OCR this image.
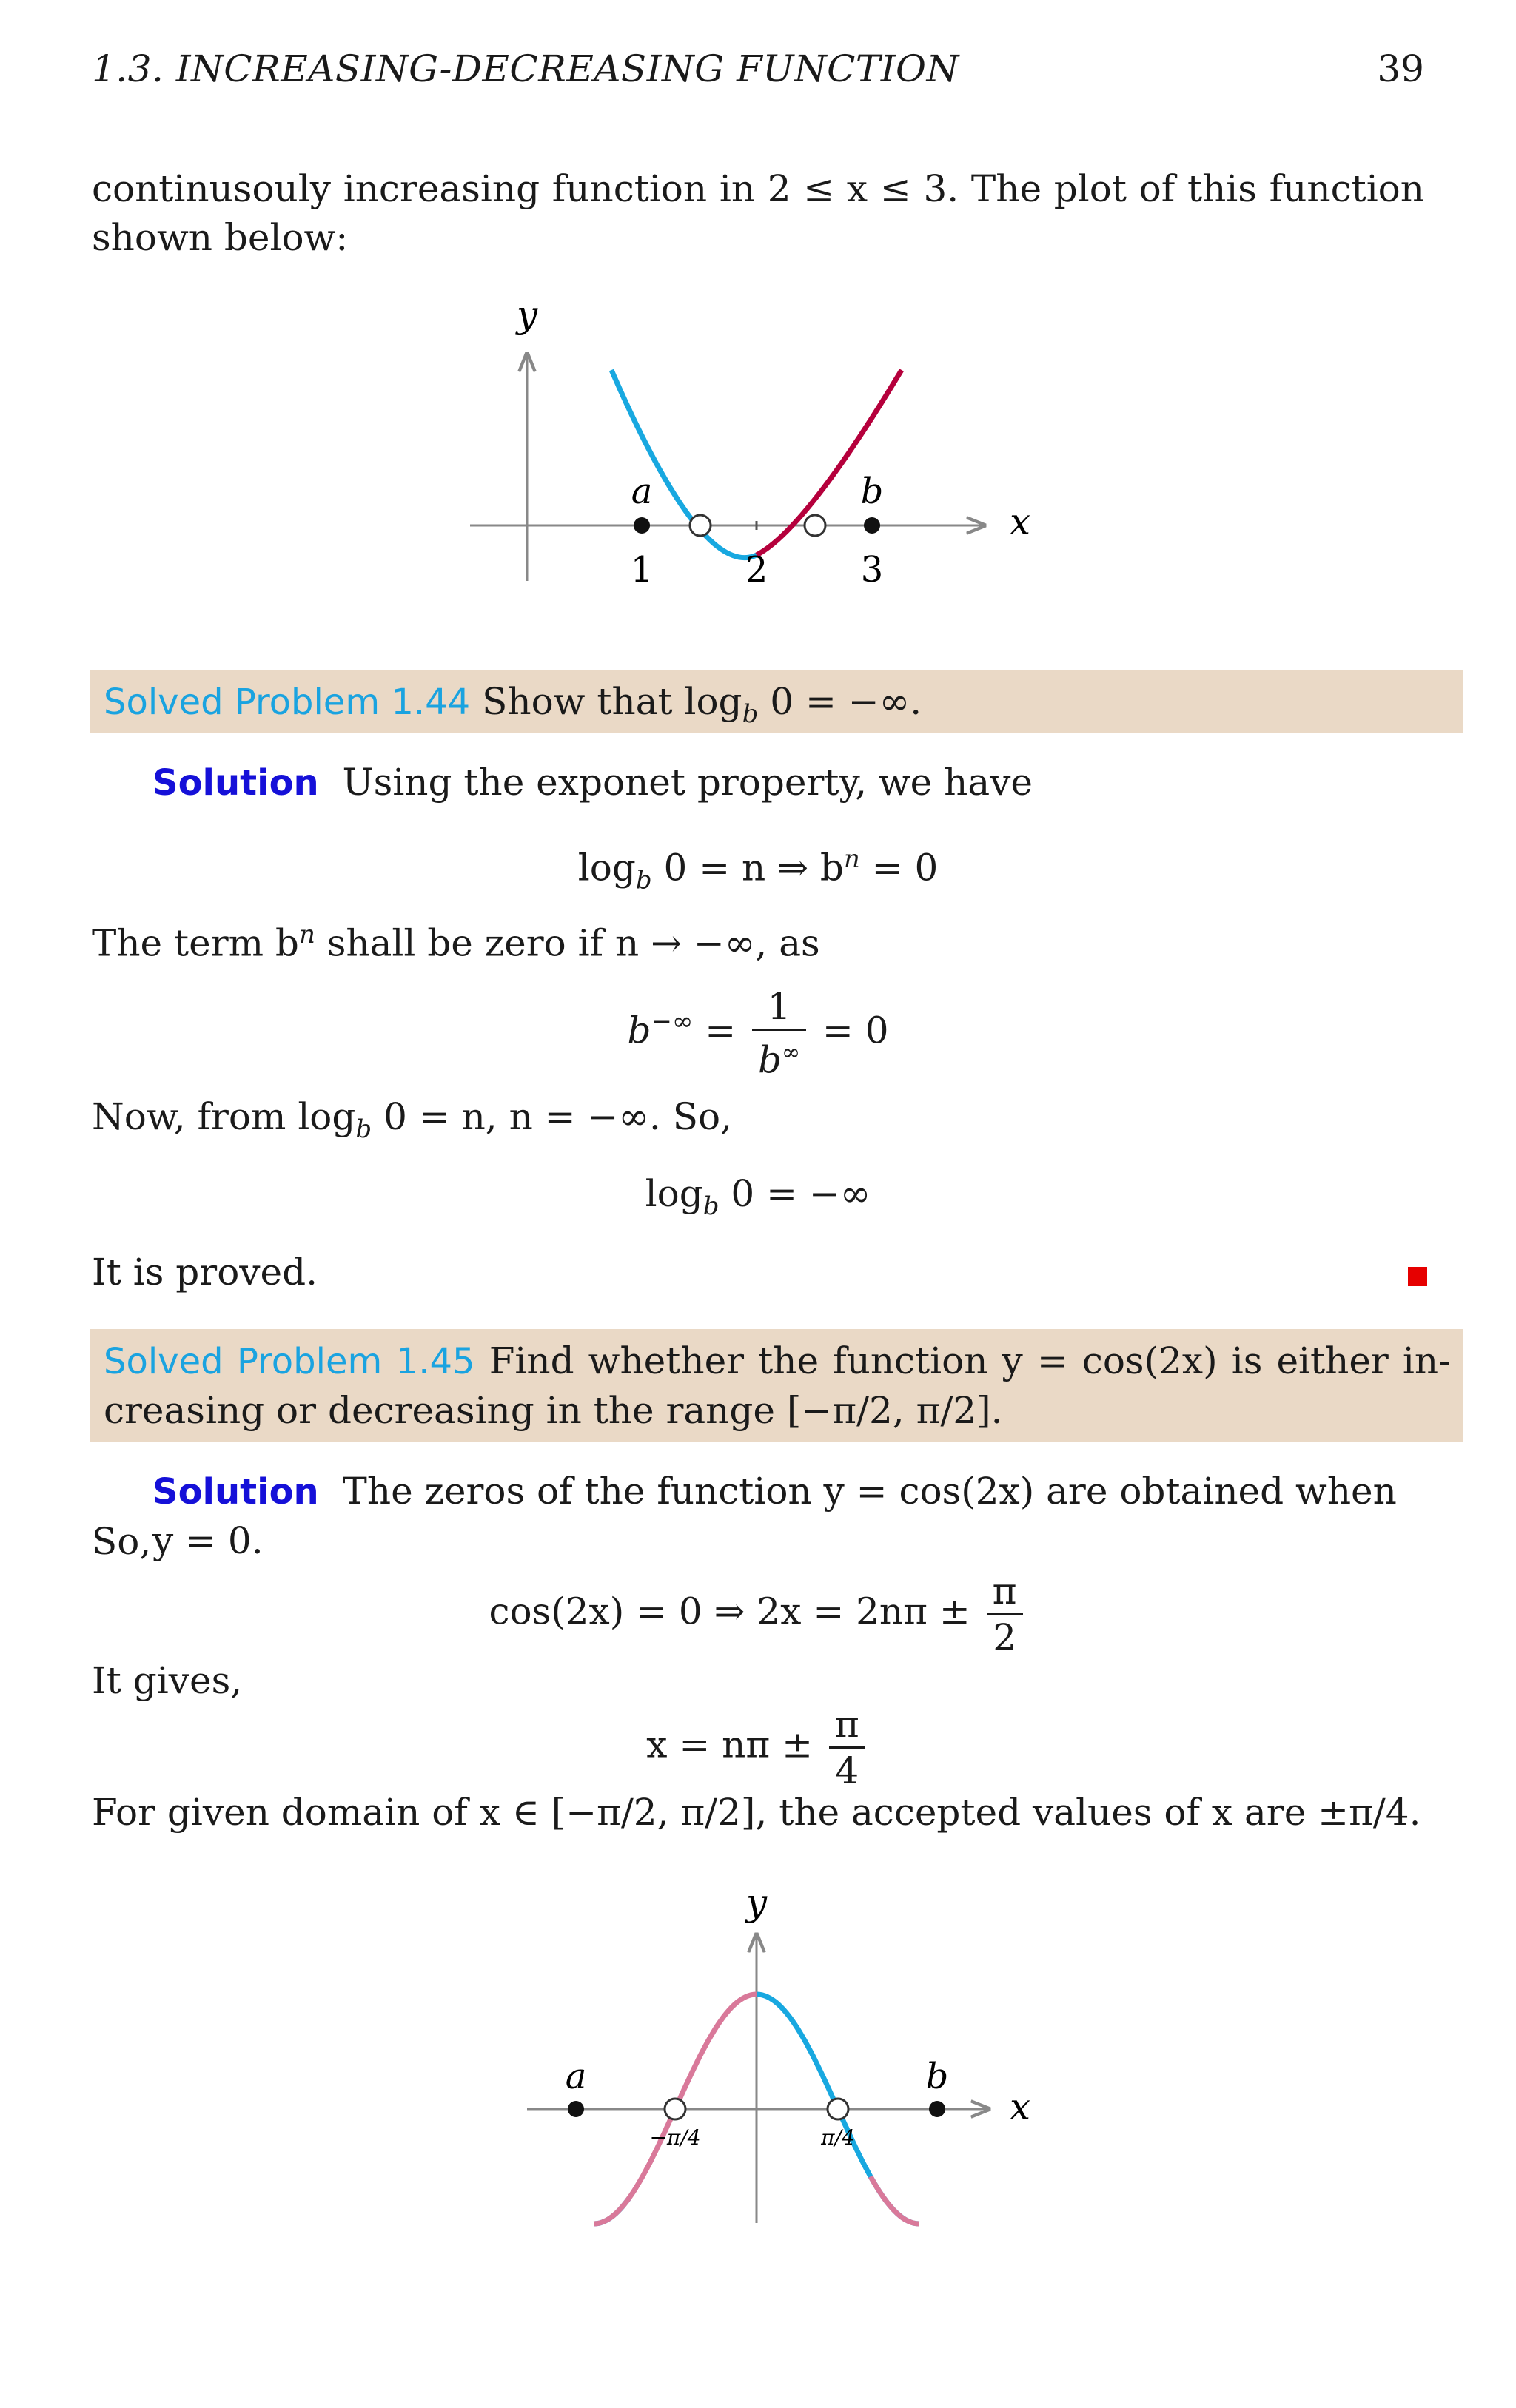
1.3. INCREASING-DECREASING FUNCTION	39
continusouly increasing function in 2 ≤ x ≤ 3. The plot of this function
shown below:
y
x
a	b
1	2	3
Solved Problem 1.44 Show that $\log_b 0$ = −∞.
Solution Using the exponet property, we have
$\log_b 0 = n$ ⇒ $b^n = 0$
The term $b^n$ shall be zero if n → −∞, as
$b^{-\infty} = \frac{1}{b^\infty} = 0$
Now, from $\log_b 0 = n$, n = −∞. So,
$\log_b 0$ = −∞
It is proved.
Solved Problem 1.45 Find whether the function y = cos(2x) is either in-
creasing or decreasing in the range [−π/2, π/2].
Solution The zeros of the function y = cos(2x) are obtained when y = 0.
So,
cos(2x) = 0 ⇒ $2x = 2n\pi \pm \frac{\pi}{2}$
It gives,
$x = n\pi \pm \frac{\pi}{4}$
For given domain of x ∈ [−π/2, π/2], the accepted values of x are ±π/4.
y
x
a	b
−π/4	π/4
